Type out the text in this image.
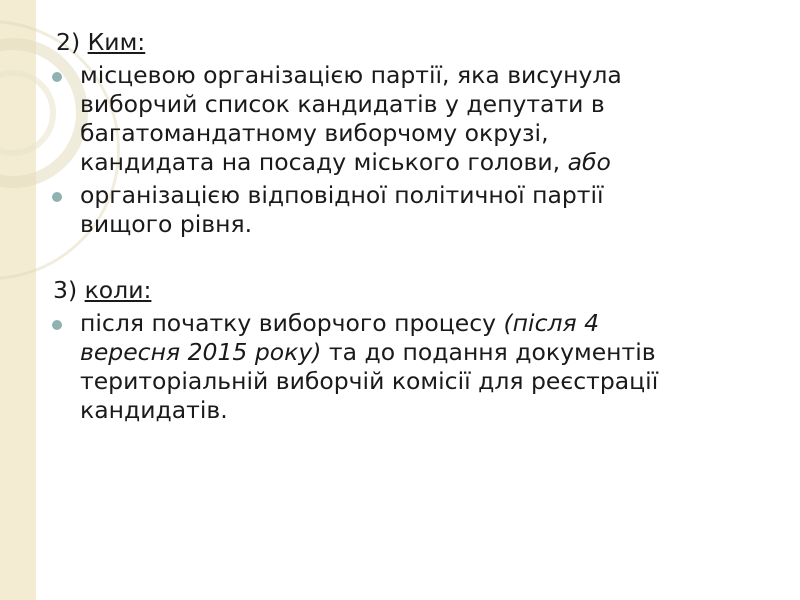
2) Ким:
місцевою організацією партії, яка висунула
виборчий список кандидатів у депутати в
багатомандатному виборчому окрузі,
кандидата на посаду міського голови, або
організацією відповідної політичної партії
вищого рівня.
3) коли:
після початку виборчого процесу (після 4
вересня 2015 року) та до подання документів
територіальній виборчій комісії для реєстрації
кандидатів.
